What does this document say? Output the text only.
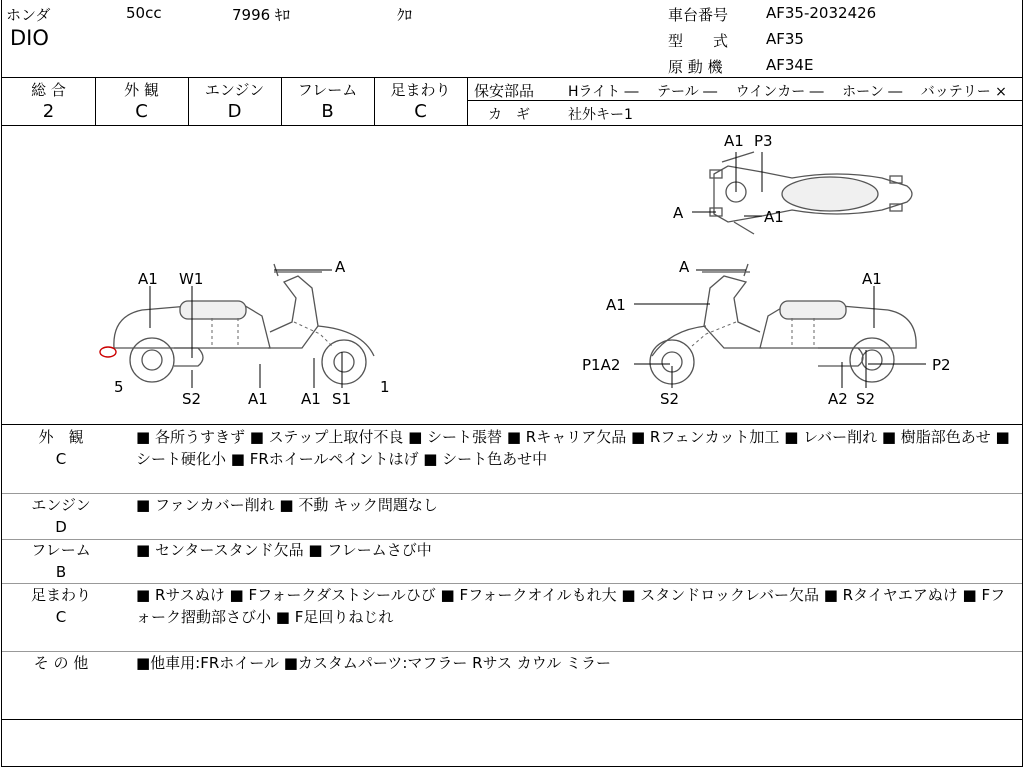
ホンダ	50cc	7996 ｷﾛ	ｸﾛ
DIO
車台番号	AF35-2032426
型　　式	AF35
原 動 機	AF34E
総 合	外 観	エンジン	フレーム	足まわり
2	C	D	B	C
保安部品 Hライト ―　 テール ―　 ウインカー ―　 ホーン ―　 バッテリー ×
カ　ギ	社外キー1
A1 P3
A	A1
A1 W1
A
5	1
S2	A1 A1 S1
A
A1
A1
P1A2	P2
S2	A2 S2
外　観
C
■ 各所うすきず ■ ステップ上取付不良 ■ シート張替 ■ Rキャリア欠品 ■ Rフェンカット加工 ■ レバー削れ ■ 樹脂部色あせ ■ シート硬化小 ■ FRホイールペイントはげ ■ シート色あせ中
エンジン
D
■ ファンカバー削れ ■ 不動 キック問題なし
フレーム
B
■ センタースタンド欠品 ■ フレームさび中
足まわり
C
■ Rサスぬけ ■ Fフォークダストシールひび ■ Fフォークオイルもれ大 ■ スタンドロックレバー欠品 ■ Rタイヤエアぬけ ■ Fフォーク摺動部さび小 ■ F足回りねじれ
そ の 他	■他車用:FRホイール ■カスタムパーツ:マフラー Rサス カウル ミラー
